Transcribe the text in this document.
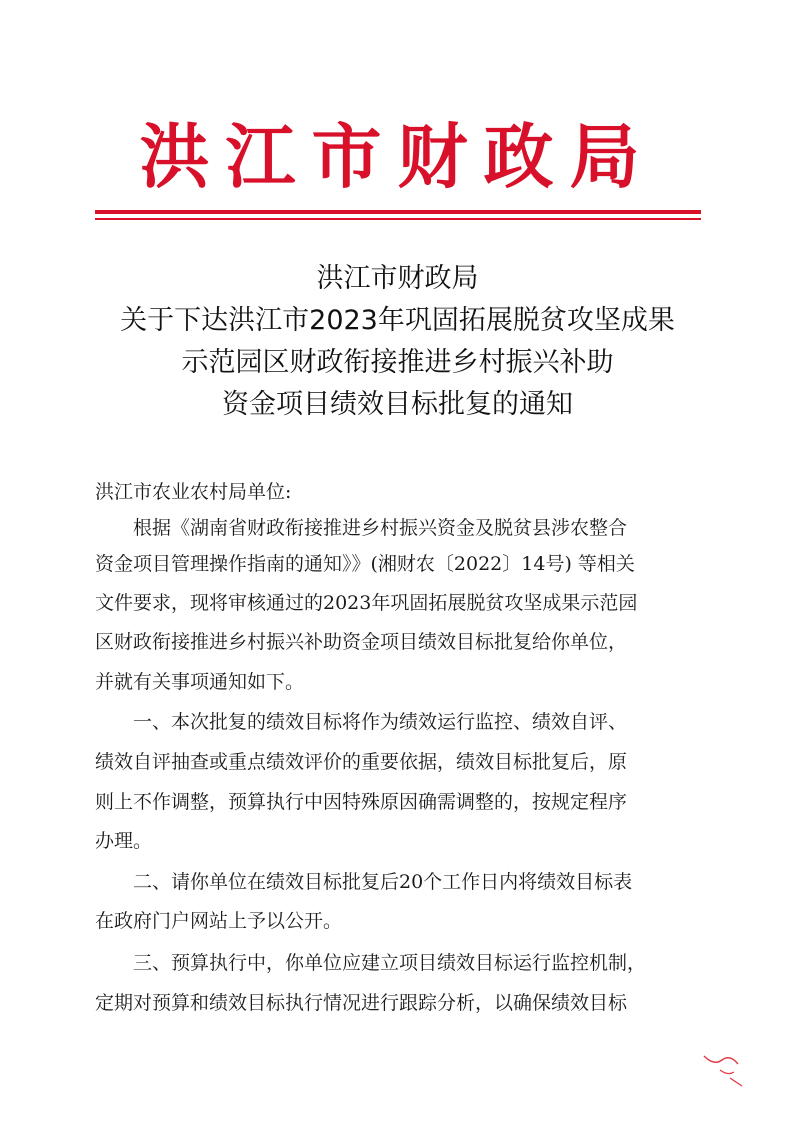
洪江市财政局
洪江市财政局
关于下达洪江市2023年巩固拓展脱贫攻坚成果
示范园区财政衔接推进乡村振兴补助
资金项目绩效目标批复的通知
洪江市农业农村局单位:
根据《湖南省财政衔接推进乡村振兴资金及脱贫县涉农整合
资金项目管理操作指南的通知》》(湘财农〔2022〕14号) 等相关
文件要求，现将审核通过的2023年巩固拓展脱贫攻坚成果示范园
区财政衔接推进乡村振兴补助资金项目绩效目标批复给你单位，
并就有关事项通知如下。
一、本次批复的绩效目标将作为绩效运行监控、绩效自评、
绩效自评抽查或重点绩效评价的重要依据，绩效目标批复后，原
则上不作调整，预算执行中因特殊原因确需调整的，按规定程序
办理。
二、请你单位在绩效目标批复后20个工作日内将绩效目标表
在政府门户网站上予以公开。
三、预算执行中，你单位应建立项目绩效目标运行监控机制，
定期对预算和绩效目标执行情况进行跟踪分析，以确保绩效目标
